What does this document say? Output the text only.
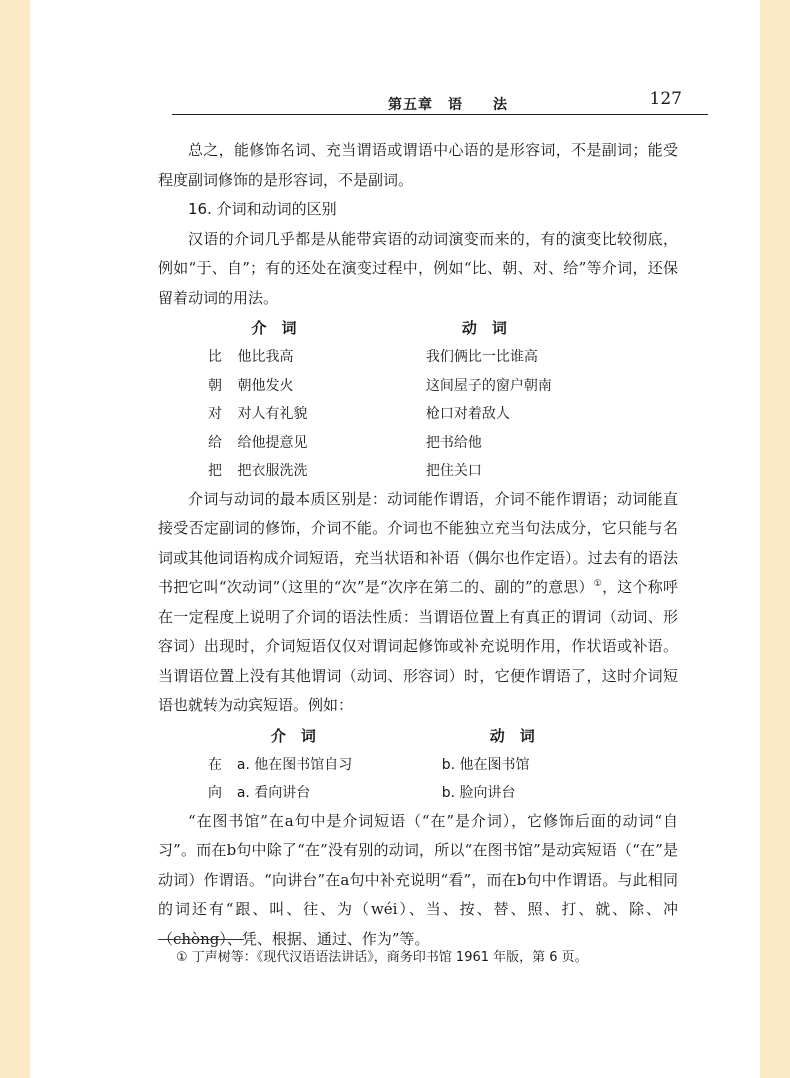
第五章　语　　法	127

总之，能修饰名词、充当谓语或谓语中心语的是形容词，不是副词；能受程度副词修饰的是形容词，不是副词。

16. 介词和动词的区别

汉语的介词几乎都是从能带宾语的动词演变而来的，有的演变比较彻底，例如“于、自”；有的还处在演变过程中，例如“比、朝、对、给”等介词，还保留着动词的用法。

	介　词	动　词
比	他比我高	我们俩比一比谁高
朝	朝他发火	这间屋子的窗户朝南
对	对人有礼貌	枪口对着敌人
给	给他提意见	把书给他
把	把衣服洗洗	把住关口

介词与动词的最本质区别是：动词能作谓语，介词不能作谓语；动词能直接受否定副词的修饰，介词不能。介词也不能独立充当句法成分，它只能与名词或其他词语构成介词短语，充当状语和补语（偶尔也作定语）。过去有的语法书把它叫“次动词”（这里的“次”是“次序在第二的、副的”的意思）①，这个称呼在一定程度上说明了介词的语法性质：当谓语位置上有真正的谓词（动词、形容词）出现时，介词短语仅仅对谓词起修饰或补充说明作用，作状语或补语。当谓语位置上没有其他谓词（动词、形容词）时，它便作谓语了，这时介词短语也就转为动宾短语。例如：

	介　词	动　词
在	a. 他在图书馆自习	b. 他在图书馆
向	a. 看向讲台	b. 脸向讲台

“在图书馆”在a句中是介词短语（“在”是介词），它修饰后面的动词“自习”。而在b句中除了“在”没有别的动词，所以“在图书馆”是动宾短语（“在”是动词）作谓语。“向讲台”在a句中补充说明“看”，而在b句中作谓语。与此相同的词还有“跟、叫、往、为（wéi）、当、按、替、照、打、就、除、冲（chòng）、凭、根据、通过、作为”等。

① 丁声树等：《现代汉语语法讲话》，商务印书馆 1961 年版，第 6 页。
